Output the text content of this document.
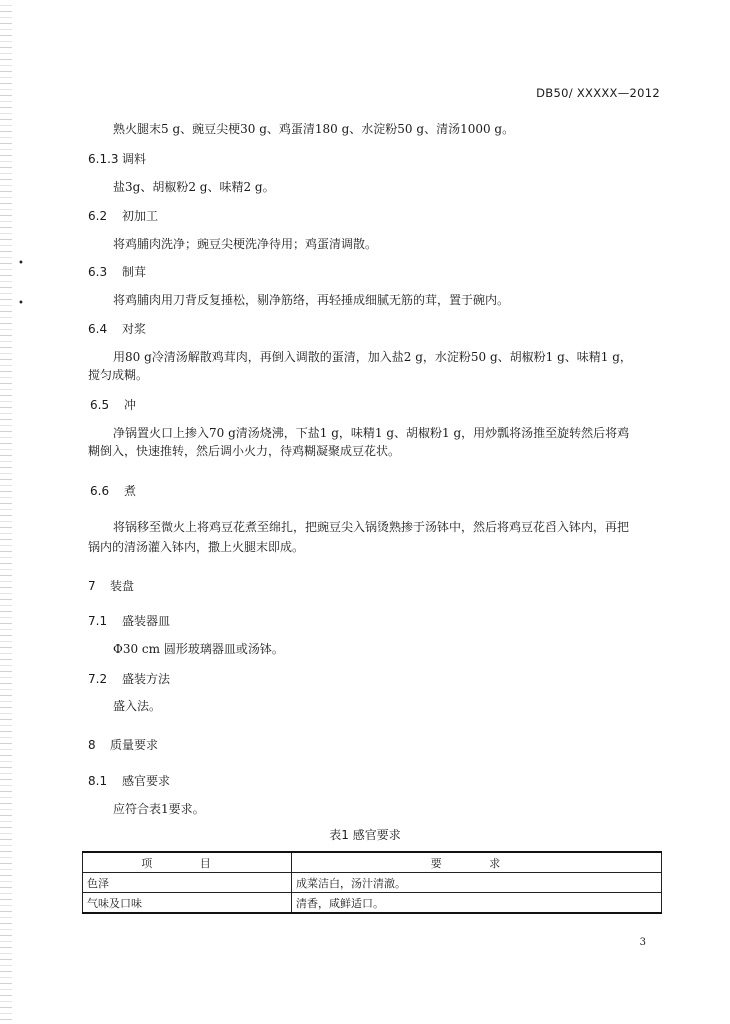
•
•
DB50/ XXXXX—2012
熟火腿末5 g、豌豆尖梗30 g、鸡蛋清180 g、水淀粉50 g、清汤1000 g。
6.1.3 调料
盐3g、胡椒粉2 g、味精2 g。
6.2 初加工
将鸡脯肉洗净；豌豆尖梗洗净待用；鸡蛋清调散。
6.3 制茸
将鸡脯肉用刀背反复捶松，剔净筋络，再轻捶成细腻无筋的茸，置于碗内。
6.4 对浆
用80 g冷清汤解散鸡茸肉，再倒入调散的蛋清，加入盐2 g，水淀粉50 g、胡椒粉1 g、味精1 g，
搅匀成糊。
6.5 冲
净锅置火口上掺入70 g清汤烧沸，下盐1 g，味精1 g、胡椒粉1 g，用炒瓢将汤推至旋转然后将鸡
糊倒入，快速推转，然后调小火力，待鸡糊凝聚成豆花状。
6.6 煮
将锅移至微火上将鸡豆花煮至绵扎，把豌豆尖入锅烫熟掺于汤钵中，然后将鸡豆花舀入钵内，再把
锅内的清汤灌入钵内，撒上火腿末即成。
7 装盘
7.1 盛装器皿
Φ30 cm 圆形玻璃器皿或汤钵。
7.2 盛装方法
盛入法。
8 质量要求
8.1 感官要求
应符合表1要求。
表1 感官要求
项 目	要 求
色泽	成菜洁白，汤汁清澈。
气味及口味	清香，咸鲜适口。
3
